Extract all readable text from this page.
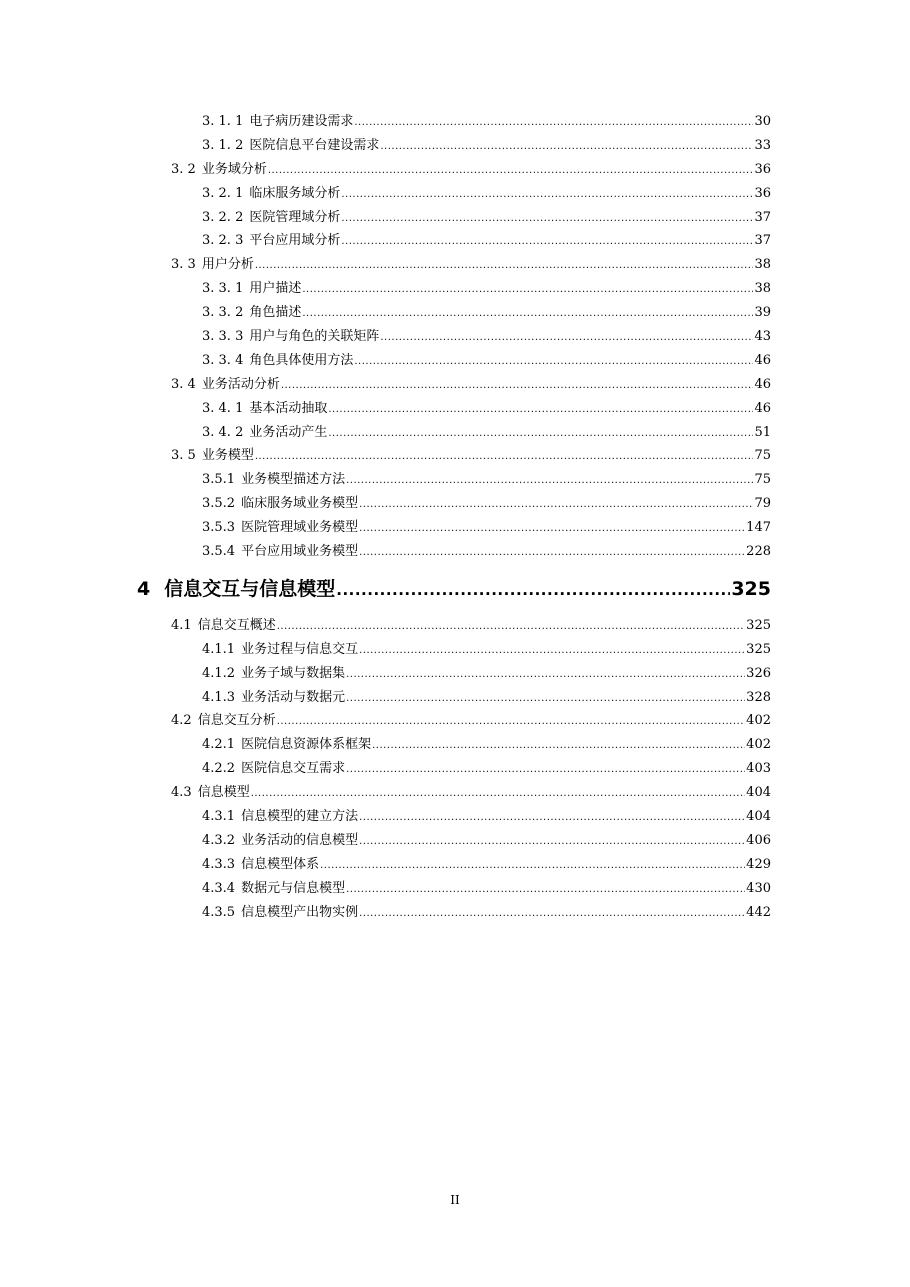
3. 1. 1 电子病历建设需求 .....	30
3. 1. 2 医院信息平台建设需求 .....	33
3. 2 业务域分析 .....	36
3. 2. 1 临床服务域分析 .....	36
3. 2. 2 医院管理域分析 .....	37
3. 2. 3 平台应用域分析 .....	37
3. 3 用户分析 .....	38
3. 3. 1 用户描述 .....	38
3. 3. 2 角色描述 .....	39
3. 3. 3 用户与角色的关联矩阵 .....	43
3. 3. 4 角色具体使用方法 .....	46
3. 4 业务活动分析 .....	46
3. 4. 1 基本活动抽取 .....	46
3. 4. 2 业务活动产生 .....	51
3. 5 业务模型 .....	75
3.5.1 业务模型描述方法 .....	75
3.5.2 临床服务域业务模型 .....	79
3.5.3 医院管理域业务模型 .....	147
3.5.4 平台应用域业务模型 .....	228
4 信息交互与信息模型 .....	325
4.1 信息交互概述 .....	325
4.1.1 业务过程与信息交互 .....	325
4.1.2 业务子域与数据集 .....	326
4.1.3 业务活动与数据元 .....	328
4.2 信息交互分析 .....	402
4.2.1 医院信息资源体系框架 .....	402
4.2.2 医院信息交互需求 .....	403
4.3 信息模型 .....	404
4.3.1 信息模型的建立方法 .....	404
4.3.2 业务活动的信息模型 .....	406
4.3.3 信息模型体系 .....	429
4.3.4 数据元与信息模型 .....	430
4.3.5 信息模型产出物实例 .....	442
II
